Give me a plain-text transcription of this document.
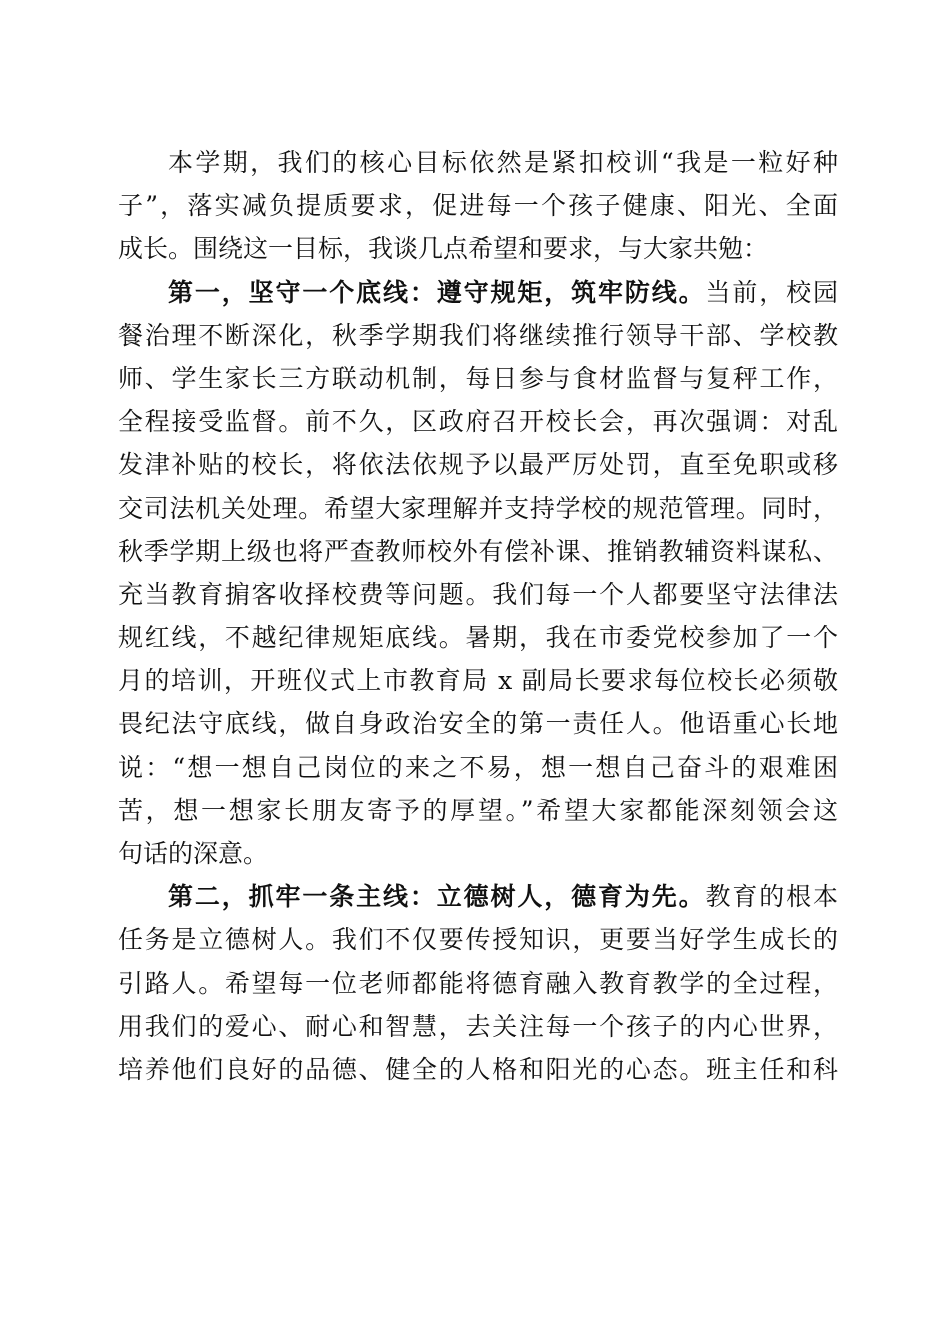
本学期，我们的核心目标依然是紧扣校训“我是一粒好种
子”，落实减负提质要求，促进每一个孩子健康、阳光、全面
成长。围绕这一目标，我谈几点希望和要求，与大家共勉：
第一，坚守一个底线：遵守规矩，筑牢防线。当前，校园
餐治理不断深化，秋季学期我们将继续推行领导干部、学校教
师、学生家长三方联动机制，每日参与食材监督与复秤工作，
全程接受监督。前不久，区政府召开校长会，再次强调：对乱
发津补贴的校长，将依法依规予以最严厉处罚，直至免职或移
交司法机关处理。希望大家理解并支持学校的规范管理。同时，
秋季学期上级也将严查教师校外有偿补课、推销教辅资料谋私、
充当教育掮客收择校费等问题。我们每一个人都要坚守法律法
规红线，不越纪律规矩底线。暑期，我在市委党校参加了一个
月的培训，开班仪式上市教育局 x 副局长要求每位校长必须敬
畏纪法守底线，做自身政治安全的第一责任人。他语重心长地
说：“想一想自己岗位的来之不易，想一想自己奋斗的艰难困
苦，想一想家长朋友寄予的厚望。”希望大家都能深刻领会这
句话的深意。
第二，抓牢一条主线：立德树人，德育为先。教育的根本
任务是立德树人。我们不仅要传授知识，更要当好学生成长的
引路人。希望每一位老师都能将德育融入教育教学的全过程，
用我们的爱心、耐心和智慧，去关注每一个孩子的内心世界，
培养他们良好的品德、健全的人格和阳光的心态。班主任和科
